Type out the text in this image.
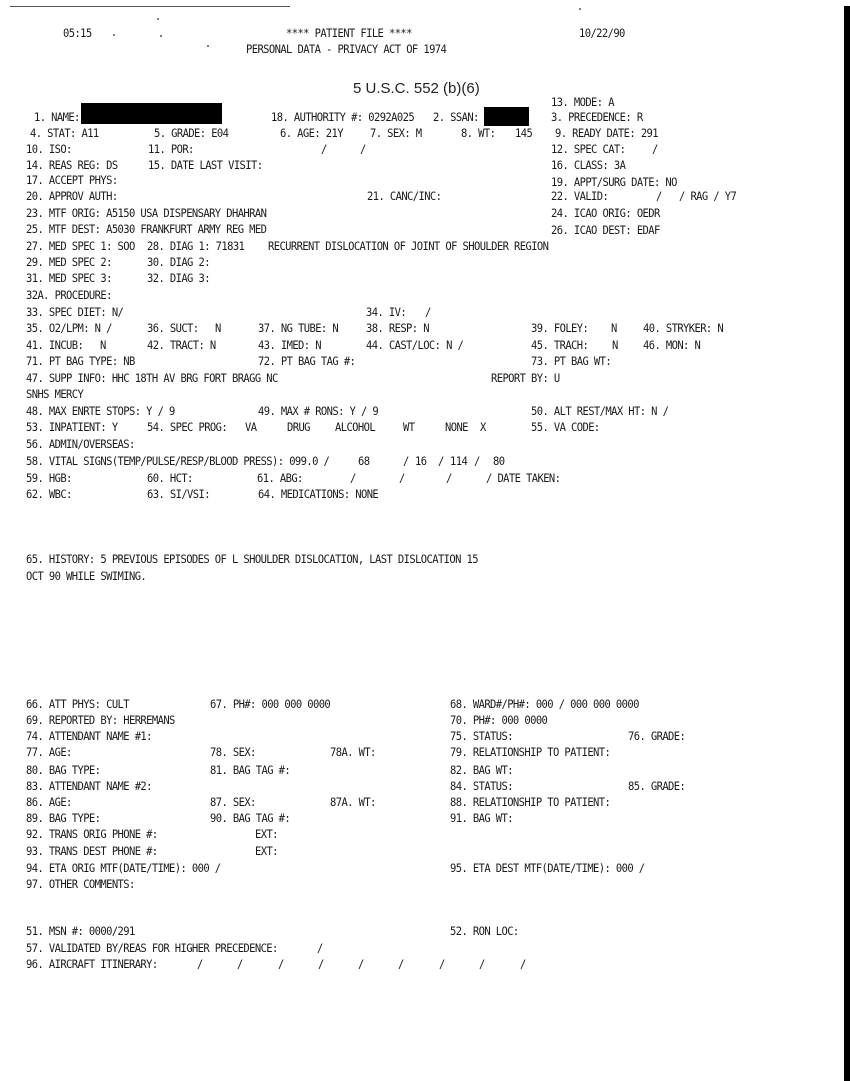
05:15	**** PATIENT FILE ****
PERSONAL DATA - PRIVACY ACT OF 1974
10/22/90
5 U.S.C. 552 (b)(6)
13. MODE: A
1. NAME:	18. AUTHORITY #: 0292A025 2. SSAN:	3. PRECEDENCE: R
4. STAT: A11	5. GRADE: E04	6. AGE: 21Y	7. SEX: M	8. WT: 145 9. READY DATE: 291
10. ISO:	11. POR:	/	/	12. SPEC CAT:	/
14. REAS REG: DS	15. DATE LAST VISIT:	16. CLASS: 3A
17. ACCEPT PHYS:	19. APPT/SURG DATE: NO
20. APPROV AUTH:	21. CANC/INC:	22. VALID:	/ / RAG / Y7
23. MTF ORIG: A5150 USA DISPENSARY DHAHRAN	24. ICAO ORIG: OEDR
25. MTF DEST: A5030 FRANKFURT ARMY REG MED	26. ICAO DEST: EDAF
27. MED SPEC 1: SOO 28. DIAG 1: 71831 RECURRENT DISLOCATION OF JOINT OF SHOULDER REGION
29. MED SPEC 2:	30. DIAG 2:
31. MED SPEC 3:	32. DIAG 3:
32A. PROCEDURE:
33. SPEC DIET: N/	34. IV: /
35. O2/LPM: N /	36. SUCT: N	37. NG TUBE: N	38. RESP: N	39. FOLEY: N	40. STRYKER: N
41. INCUB: N	42. TRACT: N	43. IMED: N	44. CAST/LOC: N /	45. TRACH: N 46. MON: N
71. PT BAG TYPE: NB	72. PT BAG TAG #:	73. PT BAG WT:
47. SUPP INFO: HHC 18TH AV BRG FORT BRAGG NC	REPORT BY: U
SNHS MERCY
48. MAX ENRTE STOPS: Y / 9	49. MAX # RONS: Y / 9	50. ALT REST/MAX HT: N /
53. INPATIENT: Y	54. SPEC PROG: VA	DRUG ALCOHOL	WT	NONE X	55. VA CODE:
56. ADMIN/OVERSEAS:
58. VITAL SIGNS(TEMP/PULSE/RESP/BLOOD PRESS): 099.0 /	68	/ 16 / 114 / 80
59. HGB:	60. HCT:	61. ABG:	/	/	/	/ DATE TAKEN:
62. WBC:	63. SI/VSI:	64. MEDICATIONS: NONE
65. HISTORY: 5 PREVIOUS EPISODES OF L SHOULDER DISLOCATION, LAST DISLOCATION 15
OCT 90 WHILE SWIMING.
66. ATT PHYS: CULT	67. PH#: 000 000 0000	68. WARD#/PH#: 000 / 000 000 0000
69. REPORTED BY: HERREMANS	70. PH#: 000 0000
74. ATTENDANT NAME #1:	75. STATUS:	76. GRADE:
77. AGE:	78. SEX:	78A. WT:	79. RELATIONSHIP TO PATIENT:
80. BAG TYPE:	81. BAG TAG #:	82. BAG WT:
83. ATTENDANT NAME #2:	84. STATUS:	85. GRADE:
86. AGE:	87. SEX:	87A. WT:	88. RELATIONSHIP TO PATIENT:
89. BAG TYPE:	90. BAG TAG #:	91. BAG WT:
92. TRANS ORIG PHONE #:	EXT:
93. TRANS DEST PHONE #:	EXT:
94. ETA ORIG MTF(DATE/TIME): 000 /	95. ETA DEST MTF(DATE/TIME): 000 /
97. OTHER COMMENTS:
51. MSN #: 0000/291	52. RON LOC:
57. VALIDATED BY/REAS FOR HIGHER PRECEDENCE:	/
96. AIRCRAFT ITINERARY:	/	/	/	/	/	/	/	/	/
